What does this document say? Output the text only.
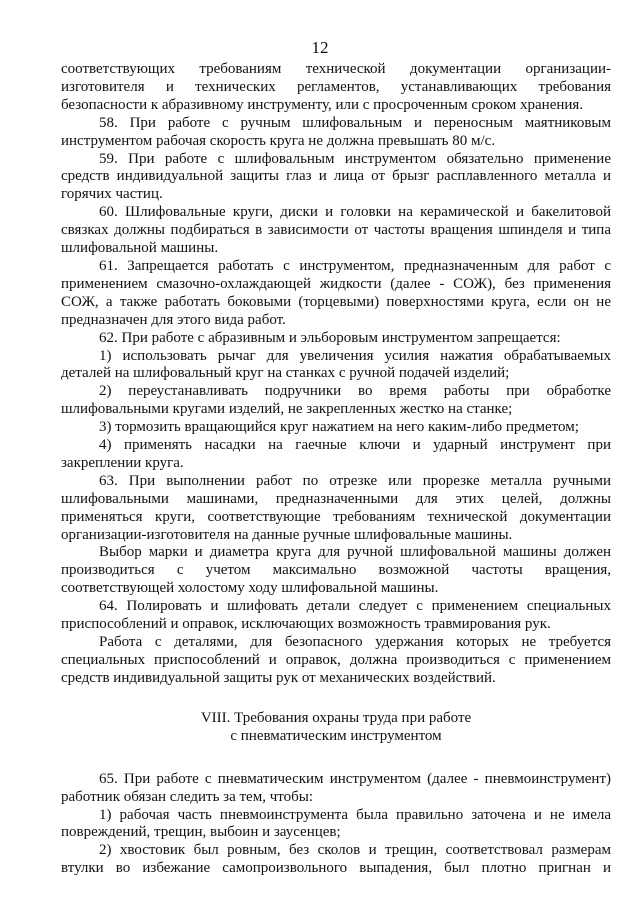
12

соответствующих требованиям технической документации организации-изготовителя и технических регламентов, устанавливающих требования безопасности к абразивному инструменту, или с просроченным сроком хранения.

58. При работе с ручным шлифовальным и переносным маятниковым инструментом рабочая скорость круга не должна превышать 80 м/с.

59. При работе с шлифовальным инструментом обязательно применение средств индивидуальной защиты глаз и лица от брызг расплавленного металла и горячих частиц.

60. Шлифовальные круги, диски и головки на керамической и бакелитовой связках должны подбираться в зависимости от частоты вращения шпинделя и типа шлифовальной машины.

61. Запрещается работать с инструментом, предназначенным для работ с применением смазочно-охлаждающей жидкости (далее - СОЖ), без применения СОЖ, а также работать боковыми (торцевыми) поверхностями круга, если он не предназначен для этого вида работ.

62. При работе с абразивным и эльборовым инструментом запрещается:

1) использовать рычаг для увеличения усилия нажатия обрабатываемых деталей на шлифовальный круг на станках с ручной подачей изделий;

2) переустанавливать подручники во время работы при обработке шлифовальными кругами изделий, не закрепленных жестко на станке;

3) тормозить вращающийся круг нажатием на него каким-либо предметом;

4) применять насадки на гаечные ключи и ударный инструмент при закреплении круга.

63. При выполнении работ по отрезке или прорезке металла ручными шлифовальными машинами, предназначенными для этих целей, должны применяться круги, соответствующие требованиям технической документации организации-изготовителя на данные ручные шлифовальные машины.

Выбор марки и диаметра круга для ручной шлифовальной машины должен производиться с учетом максимально возможной частоты вращения, соответствующей холостому ходу шлифовальной машины.

64. Полировать и шлифовать детали следует с применением специальных приспособлений и оправок, исключающих возможность травмирования рук.

Работа с деталями, для безопасного удержания которых не требуется специальных приспособлений и оправок, должна производиться с применением средств индивидуальной защиты рук от механических воздействий.

VIII. Требования охраны труда при работе
с пневматическим инструментом

65. При работе с пневматическим инструментом (далее - пневмоинструмент) работник обязан следить за тем, чтобы:

1) рабочая часть пневмоинструмента была правильно заточена и не имела повреждений, трещин, выбоин и заусенцев;

2) хвостовик был ровным, без сколов и трещин, соответствовал размерам втулки во избежание самопроизвольного выпадения, был плотно пригнан и
